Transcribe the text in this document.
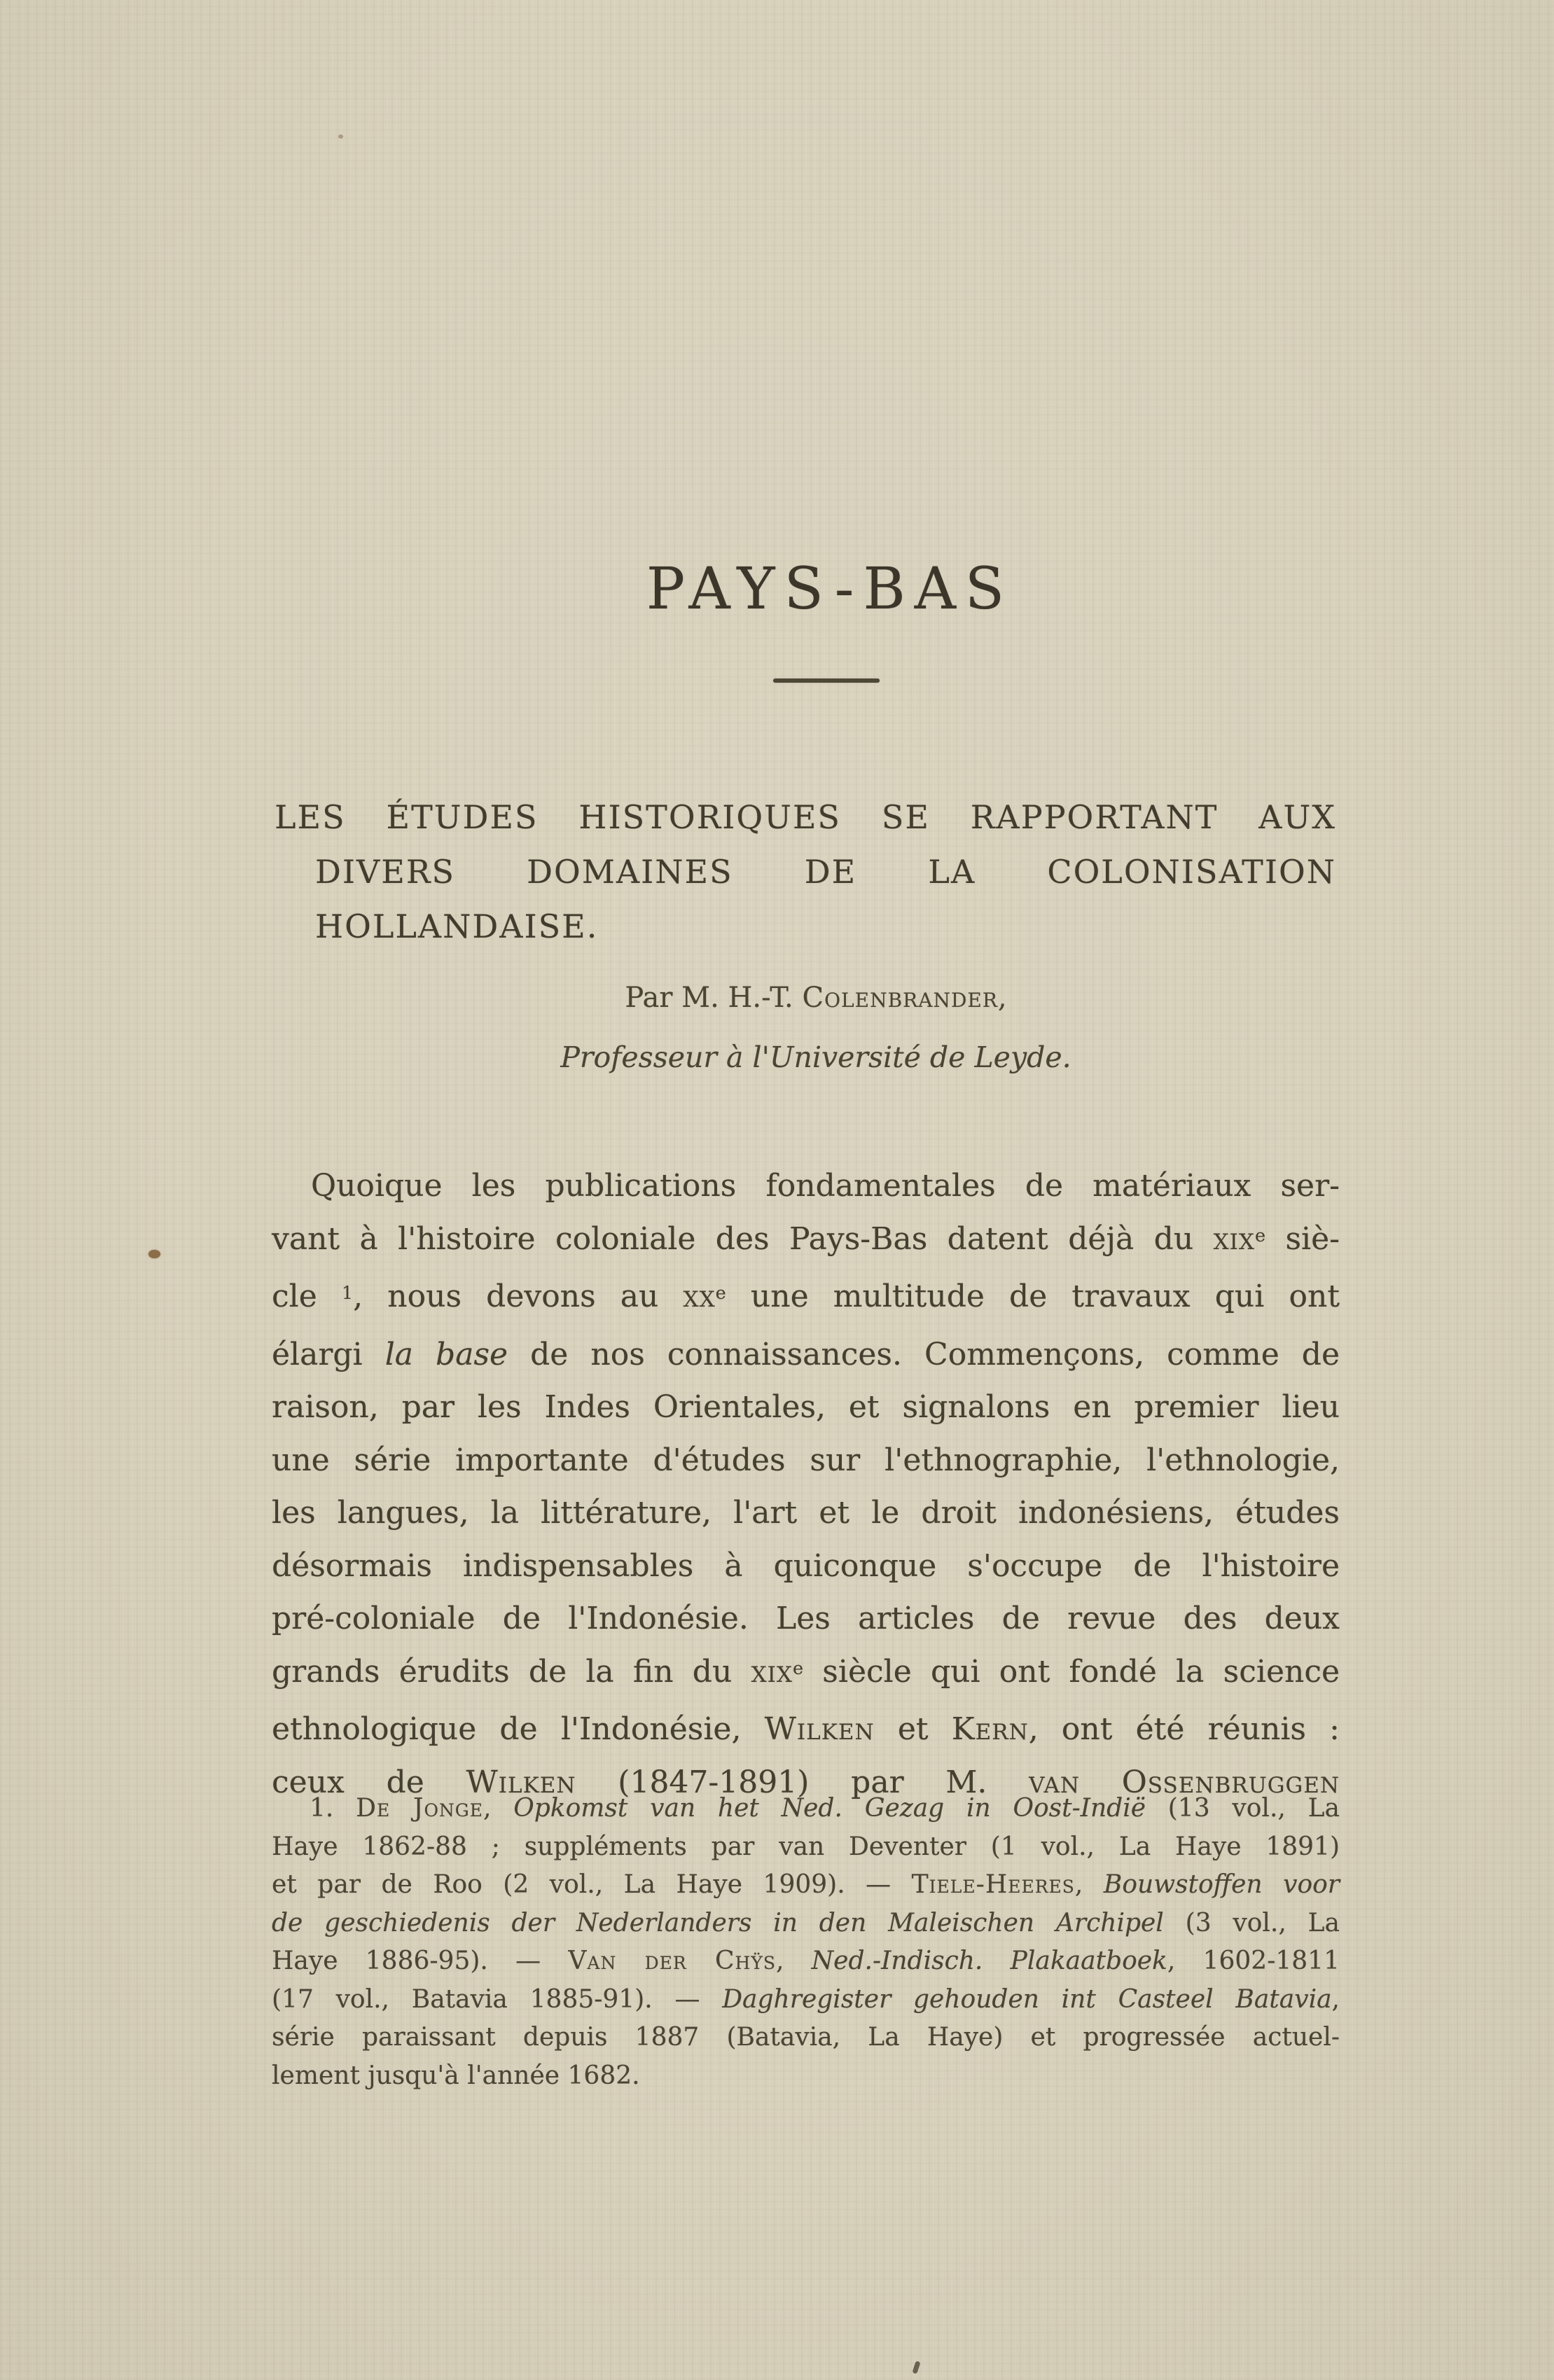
PAYS-BAS
LES ÉTUDES HISTORIQUES SE RAPPORTANT AUX
DIVERS DOMAINES DE LA COLONISATION
HOLLANDAISE.
Par M. H.-T. Colenbrander,
Professeur à l'Université de Leyde.
Quoique les publications fondamentales de matériaux ser-
vant à l'histoire coloniale des Pays-Bas datent déjà du xix$^e$ siè-
cle $^1$, nous devons au $xx^e$ une multitude de travaux qui ont
élargi la base de nos connaissances. Commençons, comme de
raison, par les Indes Orientales, et signalons en premier lieu
une série importante d'études sur l'ethnographie, l'ethnologie,
les langues, la littérature, l'art et le droit indonésiens, études
désormais indispensables à quiconque s'occupe de l'histoire
pré-coloniale de l'Indonésie. Les articles de revue des deux
grands érudits de la fin du xix$^e$ siècle qui ont fondé la science
ethnologique de l'Indonésie, Wilken et Kern, ont été réunis :
ceux de Wilken (1847-1891) par M. van Ossenbruggen
1. De Jonge, Opkomst van het Ned. Gezag in Oost-Indië (13 vol., La
Haye 1862-88 ; suppléments par van Deventer (1 vol., La Haye 1891)
et par de Roo (2 vol., La Haye 1909). — Tiele-Heeres, Bouwstoffen voor
de geschiedenis der Nederlanders in den Maleischen Archipel (3 vol., La
Haye 1886-95). — Van der Chÿs, Ned.-Indisch. Plakaatboek, 1602-1811
(17 vol., Batavia 1885-91). — Daghregister gehouden int Casteel Batavia,
série paraissant depuis 1887 (Batavia, La Haye) et progressée actuel-
lement jusqu'à l'année 1682.
